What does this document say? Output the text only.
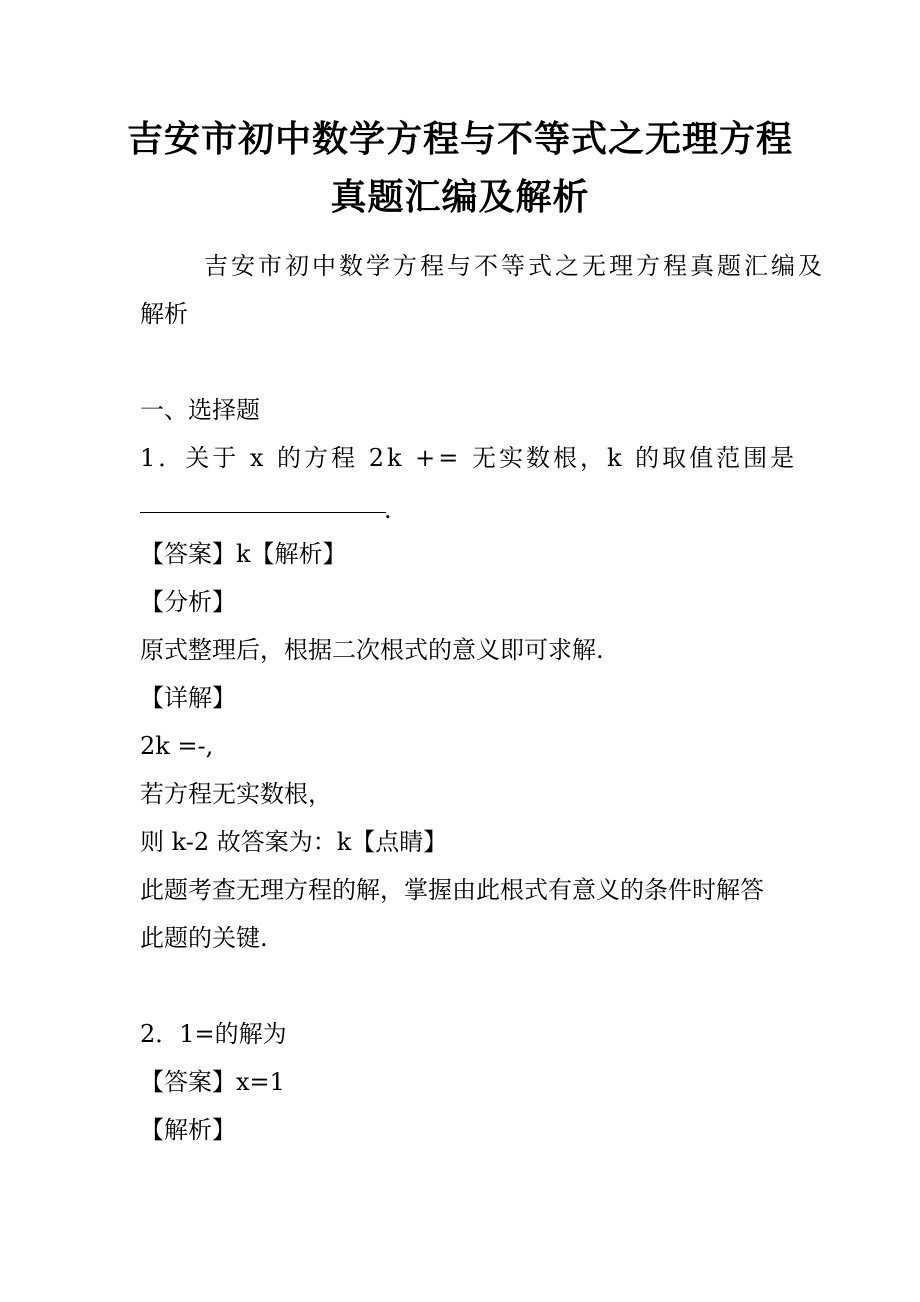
吉安市初中数学方程与不等式之无理方程
真题汇编及解析
吉安市初中数学方程与不等式之无理方程真题汇编及
解析
一、选择题
1．关于 x 的方程 2k += 无实数根，k 的取值范围是
.
【答案】k【解析】
【分析】
原式整理后，根据二次根式的意义即可求解.
【详解】
2k =-,
若方程无实数根，
则 k-2 故答案为：k【点睛】
此题考查无理方程的解，掌握由此根式有意义的条件时解答
此题的关键.
2．1=的解为
【答案】x=1
【解析】
